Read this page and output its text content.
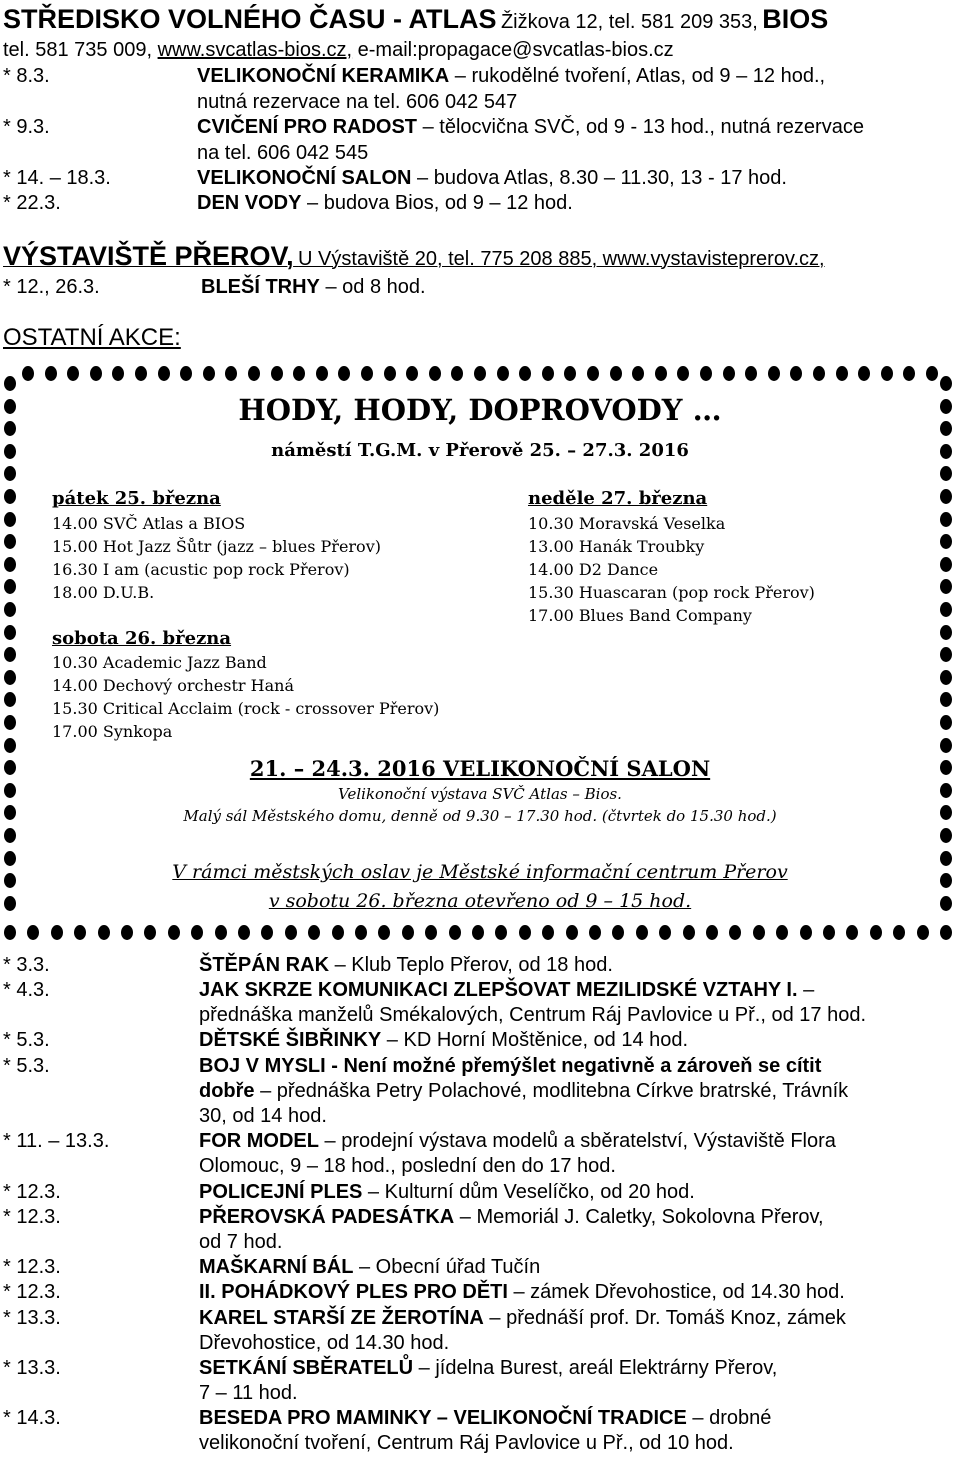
STŘEDISKO VOLNÉHO ČASU - ATLAS Žižkova 12, tel. 581 209 353, BIOS
tel. 581 735 009, www.svcatlas-bios.cz, e-mail:propagace@svcatlas-bios.cz
* 8.3.	VELIKONOČNÍ KERAMIKA – rukodělné tvoření, Atlas, od 9 – 12 hod.,
nutná rezervace na tel. 606 042 547
* 9.3.	CVIČENÍ PRO RADOST – tělocvična SVČ, od 9 - 13 hod., nutná rezervace
na tel. 606 042 545
* 14. – 18.3.	VELIKONOČNÍ SALON – budova Atlas, 8.30 – 11.30, 13 - 17 hod.
* 22.3.	DEN VODY – budova Bios, od 9 – 12 hod.
VÝSTAVIŠTĚ PŘEROV, U Výstaviště 20, tel. 775 208 885, www.vystavisteprerov.cz,
* 12., 26.3.	BLEŠÍ TRHY – od 8 hod.
OSTATNÍ AKCE:
HODY, HODY, DOPROVODY …
náměstí T.G.M. v Přerově 25. – 27.3. 2016
pátek 25. března
14.00 SVČ Atlas a BIOS
15.00 Hot Jazz Šůtr (jazz – blues Přerov)
16.30 I am (acustic pop rock Přerov)
18.00 D.U.B.
sobota 26. března
10.30 Academic Jazz Band
14.00 Dechový orchestr Haná
15.30 Critical Acclaim (rock - crossover Přerov)
17.00 Synkopa
neděle 27. března
10.30 Moravská Veselka
13.00 Hanák Troubky
14.00 D2 Dance
15.30 Huascaran (pop rock Přerov)
17.00 Blues Band Company
21. – 24.3. 2016 VELIKONOČNÍ SALON
Velikonoční výstava SVČ Atlas – Bios.
Malý sál Městského domu, denně od 9.30 – 17.30 hod. (čtvrtek do 15.30 hod.)
V rámci městských oslav je Městské informační centrum Přerov
v sobotu 26. března otevřeno od 9 – 15 hod.
* 3.3.	ŠTĚPÁN RAK – Klub Teplo Přerov, od 18 hod.
* 4.3.	JAK SKRZE KOMUNIKACI ZLEPŠOVAT MEZILIDSKÉ VZTAHY I. –
přednáška manželů Smékalových, Centrum Ráj Pavlovice u Př., od 17 hod.
* 5.3.	DĚTSKÉ ŠIBŘINKY – KD Horní Moštěnice, od 14 hod.
* 5.3.	BOJ V MYSLI - Není možné přemýšlet negativně a zároveň se cítit
dobře – přednáška Petry Polachové, modlitebna Církve bratrské, Trávník
30, od 14 hod.
* 11. – 13.3.	FOR MODEL – prodejní výstava modelů a sběratelství, Výstaviště Flora
Olomouc, 9 – 18 hod., poslední den do 17 hod.
* 12.3.	POLICEJNÍ PLES – Kulturní dům Veselíčko, od 20 hod.
* 12.3.	PŘEROVSKÁ PADESÁTKA – Memoriál J. Caletky, Sokolovna Přerov,
od 7 hod.
* 12.3.	MAŠKARNÍ BÁL – Obecní úřad Tučín
* 12.3.	II. POHÁDKOVÝ PLES PRO DĚTI – zámek Dřevohostice, od 14.30 hod.
* 13.3.	KAREL STARŠÍ ZE ŽEROTÍNA – přednáší prof. Dr. Tomáš Knoz, zámek
Dřevohostice, od 14.30 hod.
* 13.3.	SETKÁNÍ SBĚRATELŮ – jídelna Burest, areál Elektrárny Přerov,
7 – 11 hod.
* 14.3.	BESEDA PRO MAMINKY – VELIKONOČNÍ TRADICE – drobné
velikonoční tvoření, Centrum Ráj Pavlovice u Př., od 10 hod.
